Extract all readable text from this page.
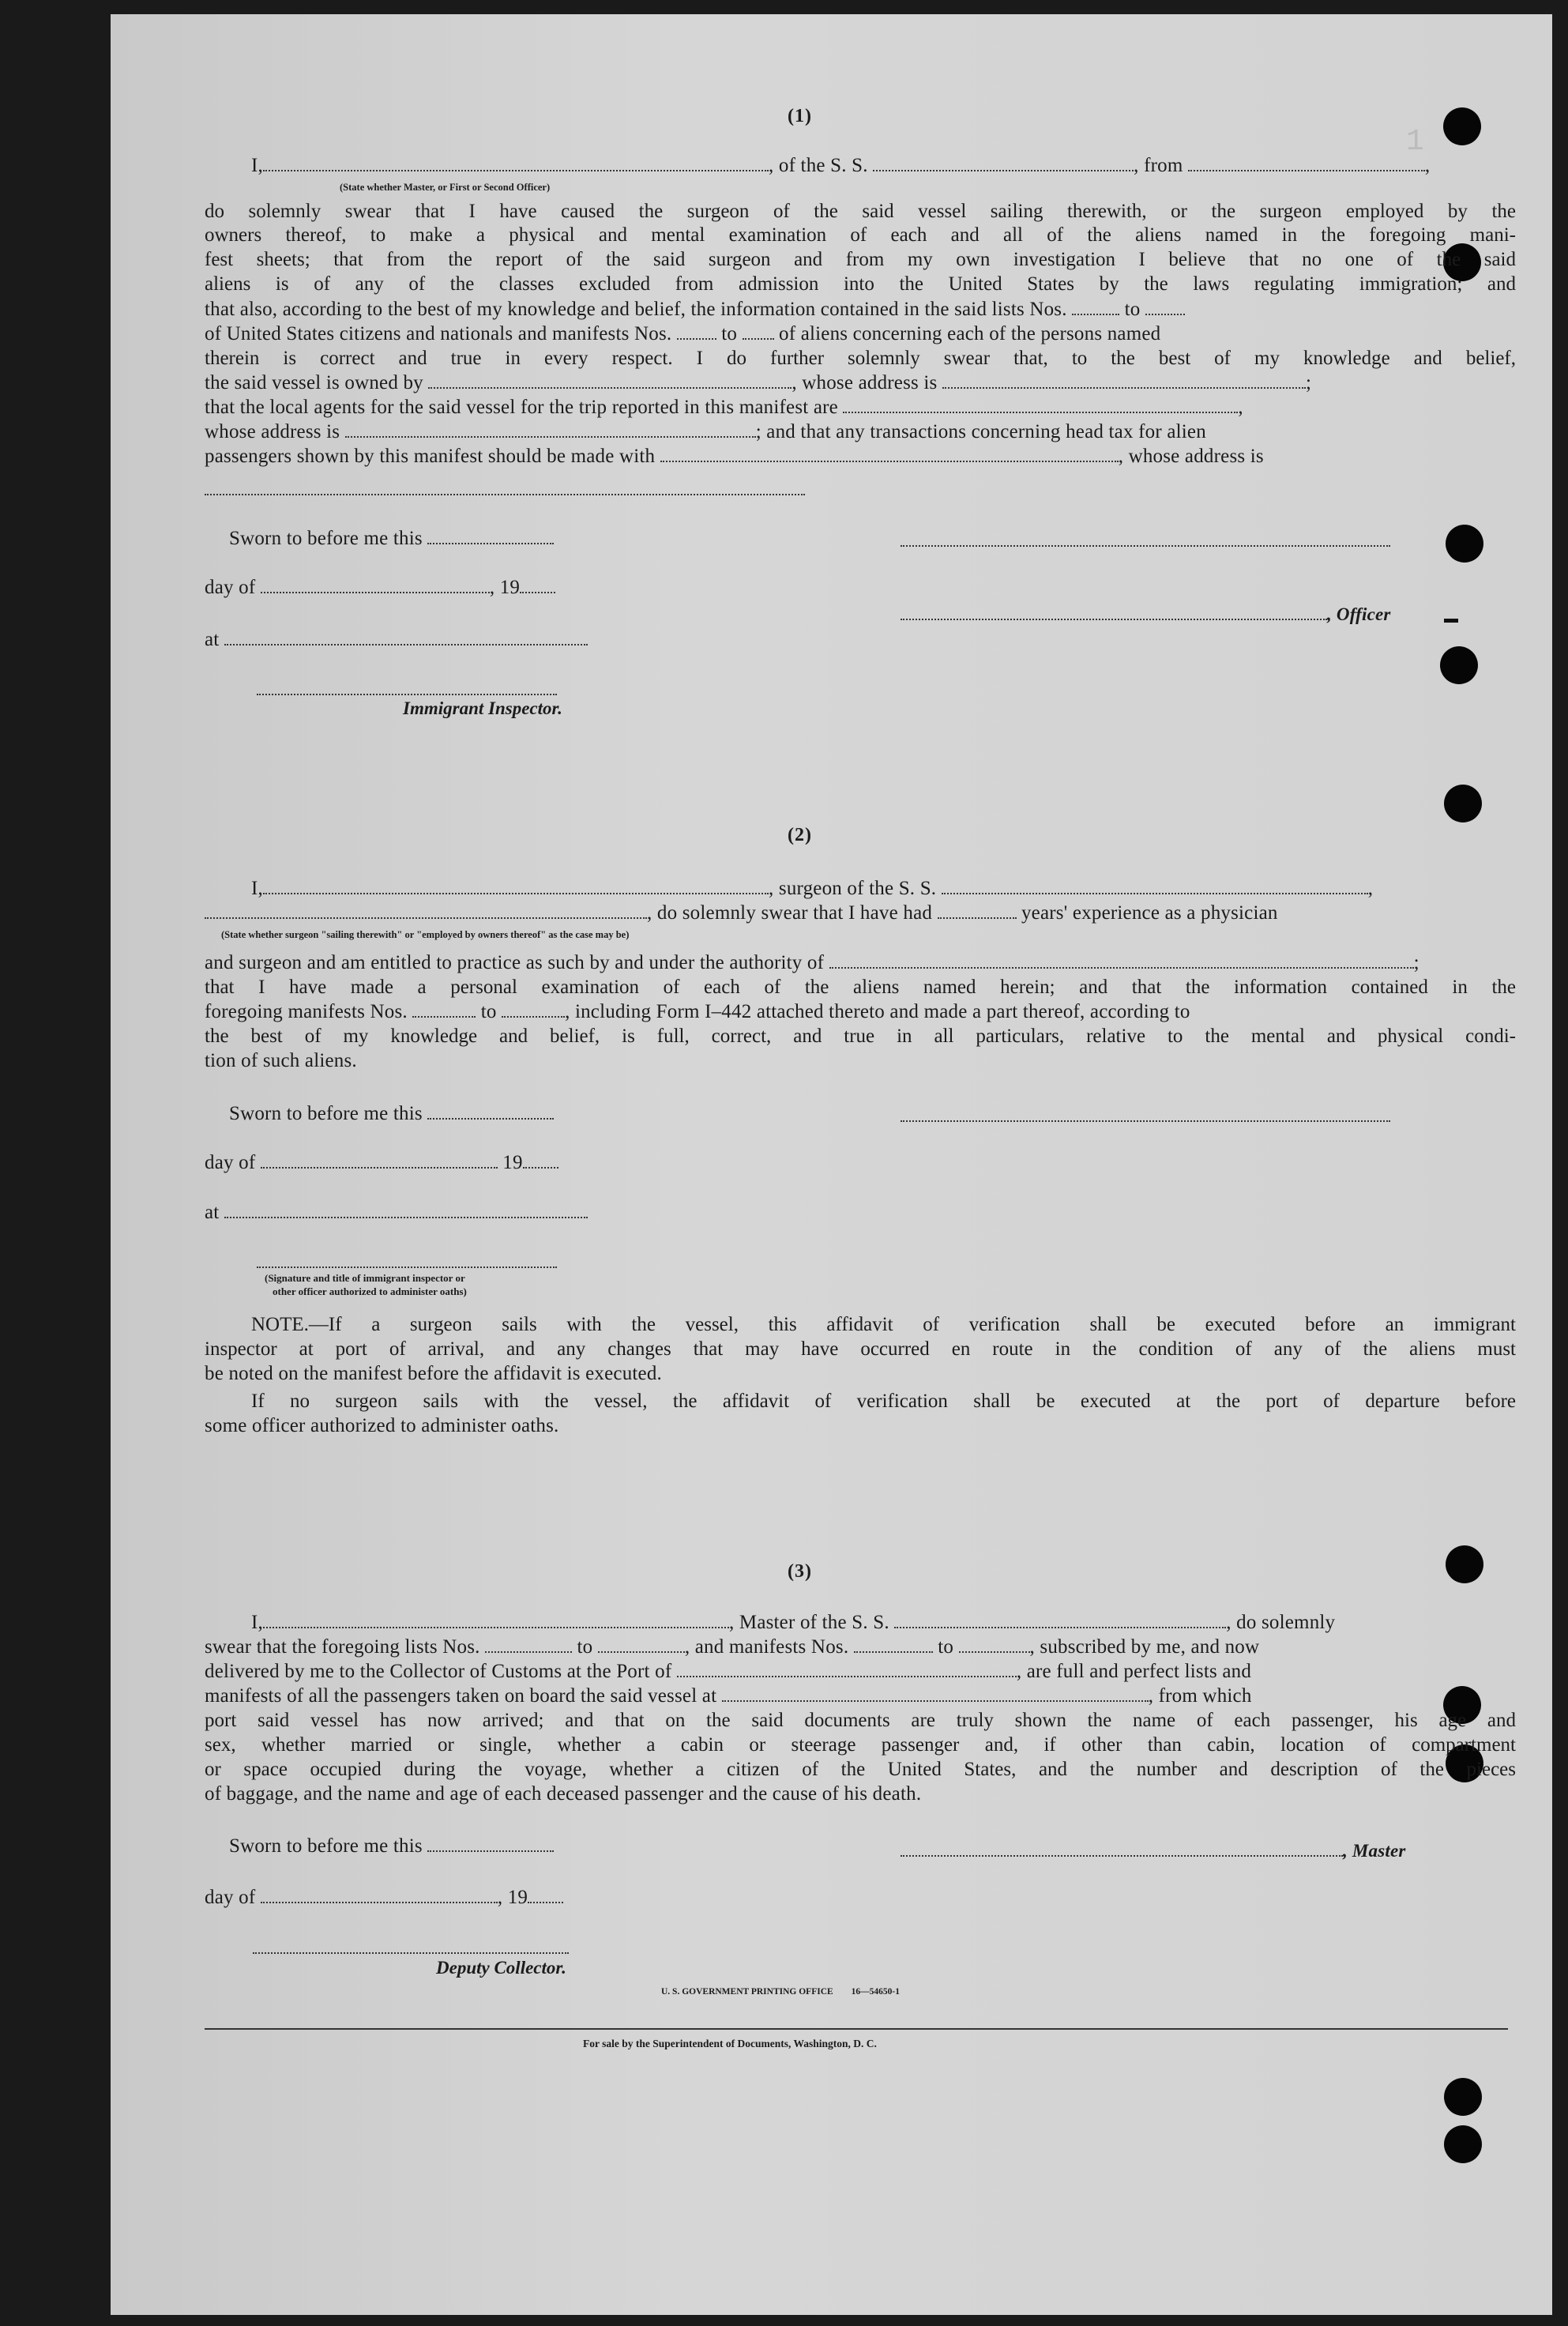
1
(1)
I,	, of the S. S.	, from	,
(State whether Master, or First or Second Officer)
do solemnly swear that I have caused the surgeon of the said vessel sailing therewith, or the surgeon employed by the
owners thereof, to make a physical and mental examination of each and all of the aliens named in the foregoing mani-
fest sheets; that from the report of the said surgeon and from my own investigation I believe that no one of the said
aliens is of any of the classes excluded from admission into the United States by the laws regulating immigration; and
that also, according to the best of my knowledge and belief, the information contained in the said lists Nos.	to
of United States citizens and nationals and manifests Nos.	to of aliens concerning each of the persons named
therein is correct and true in every respect. I do further solemnly swear that, to the best of my knowledge and belief,
the said vessel is owned by	, whose address is	;
that the local agents for the said vessel for the trip reported in this manifest are	,
whose address is	; and that any transactions concerning head tax for alien
passengers shown by this manifest should be made with	, whose address is
Sworn to before me this
day of	, 19
, Officer
at
Immigrant Inspector.
(2)
I,	, surgeon of the S. S.	,
, do solemnly swear that I have had	years' experience as a physician
(State whether surgeon "sailing therewith" or "employed by owners thereof" as the case may be)
and surgeon and am entitled to practice as such by and under the authority of	;
that I have made a personal examination of each of the aliens named herein; and that the information contained in the
foregoing manifests Nos.	to	, including Form I–442 attached thereto and made a part thereof, according to
the best of my knowledge and belief, is full, correct, and true in all particulars, relative to the mental and physical condi-
tion of such aliens.
Sworn to before me this
day of	19
at
(Signature and title of immigrant inspector or
other officer authorized to administer oaths)
NOTE.—If a surgeon sails with the vessel, this affidavit of verification shall be executed before an immigrant
inspector at port of arrival, and any changes that may have occurred en route in the condition of any of the aliens must
be noted on the manifest before the affidavit is executed.
If no surgeon sails with the vessel, the affidavit of verification shall be executed at the port of departure before
some officer authorized to administer oaths.
(3)
I,	, Master of the S. S.	, do solemnly
swear that the foregoing lists Nos.	to	, and manifests Nos.	to	, subscribed by me, and now
delivered by me to the Collector of Customs at the Port of	, are full and perfect lists and
manifests of all the passengers taken on board the said vessel at	, from which
port said vessel has now arrived; and that on the said documents are truly shown the name of each passenger, his age and
sex, whether married or single, whether a cabin or steerage passenger and, if other than cabin, location of compartment
or space occupied during the voyage, whether a citizen of the United States, and the number and description of the pieces
of baggage, and the name and age of each deceased passenger and the cause of his death.
Sworn to before me this	, Master
day of	, 19
Deputy Collector.
U. S. GOVERNMENT PRINTING OFFICE        16—54650-1
For sale by the Superintendent of Documents, Washington, D. C.
